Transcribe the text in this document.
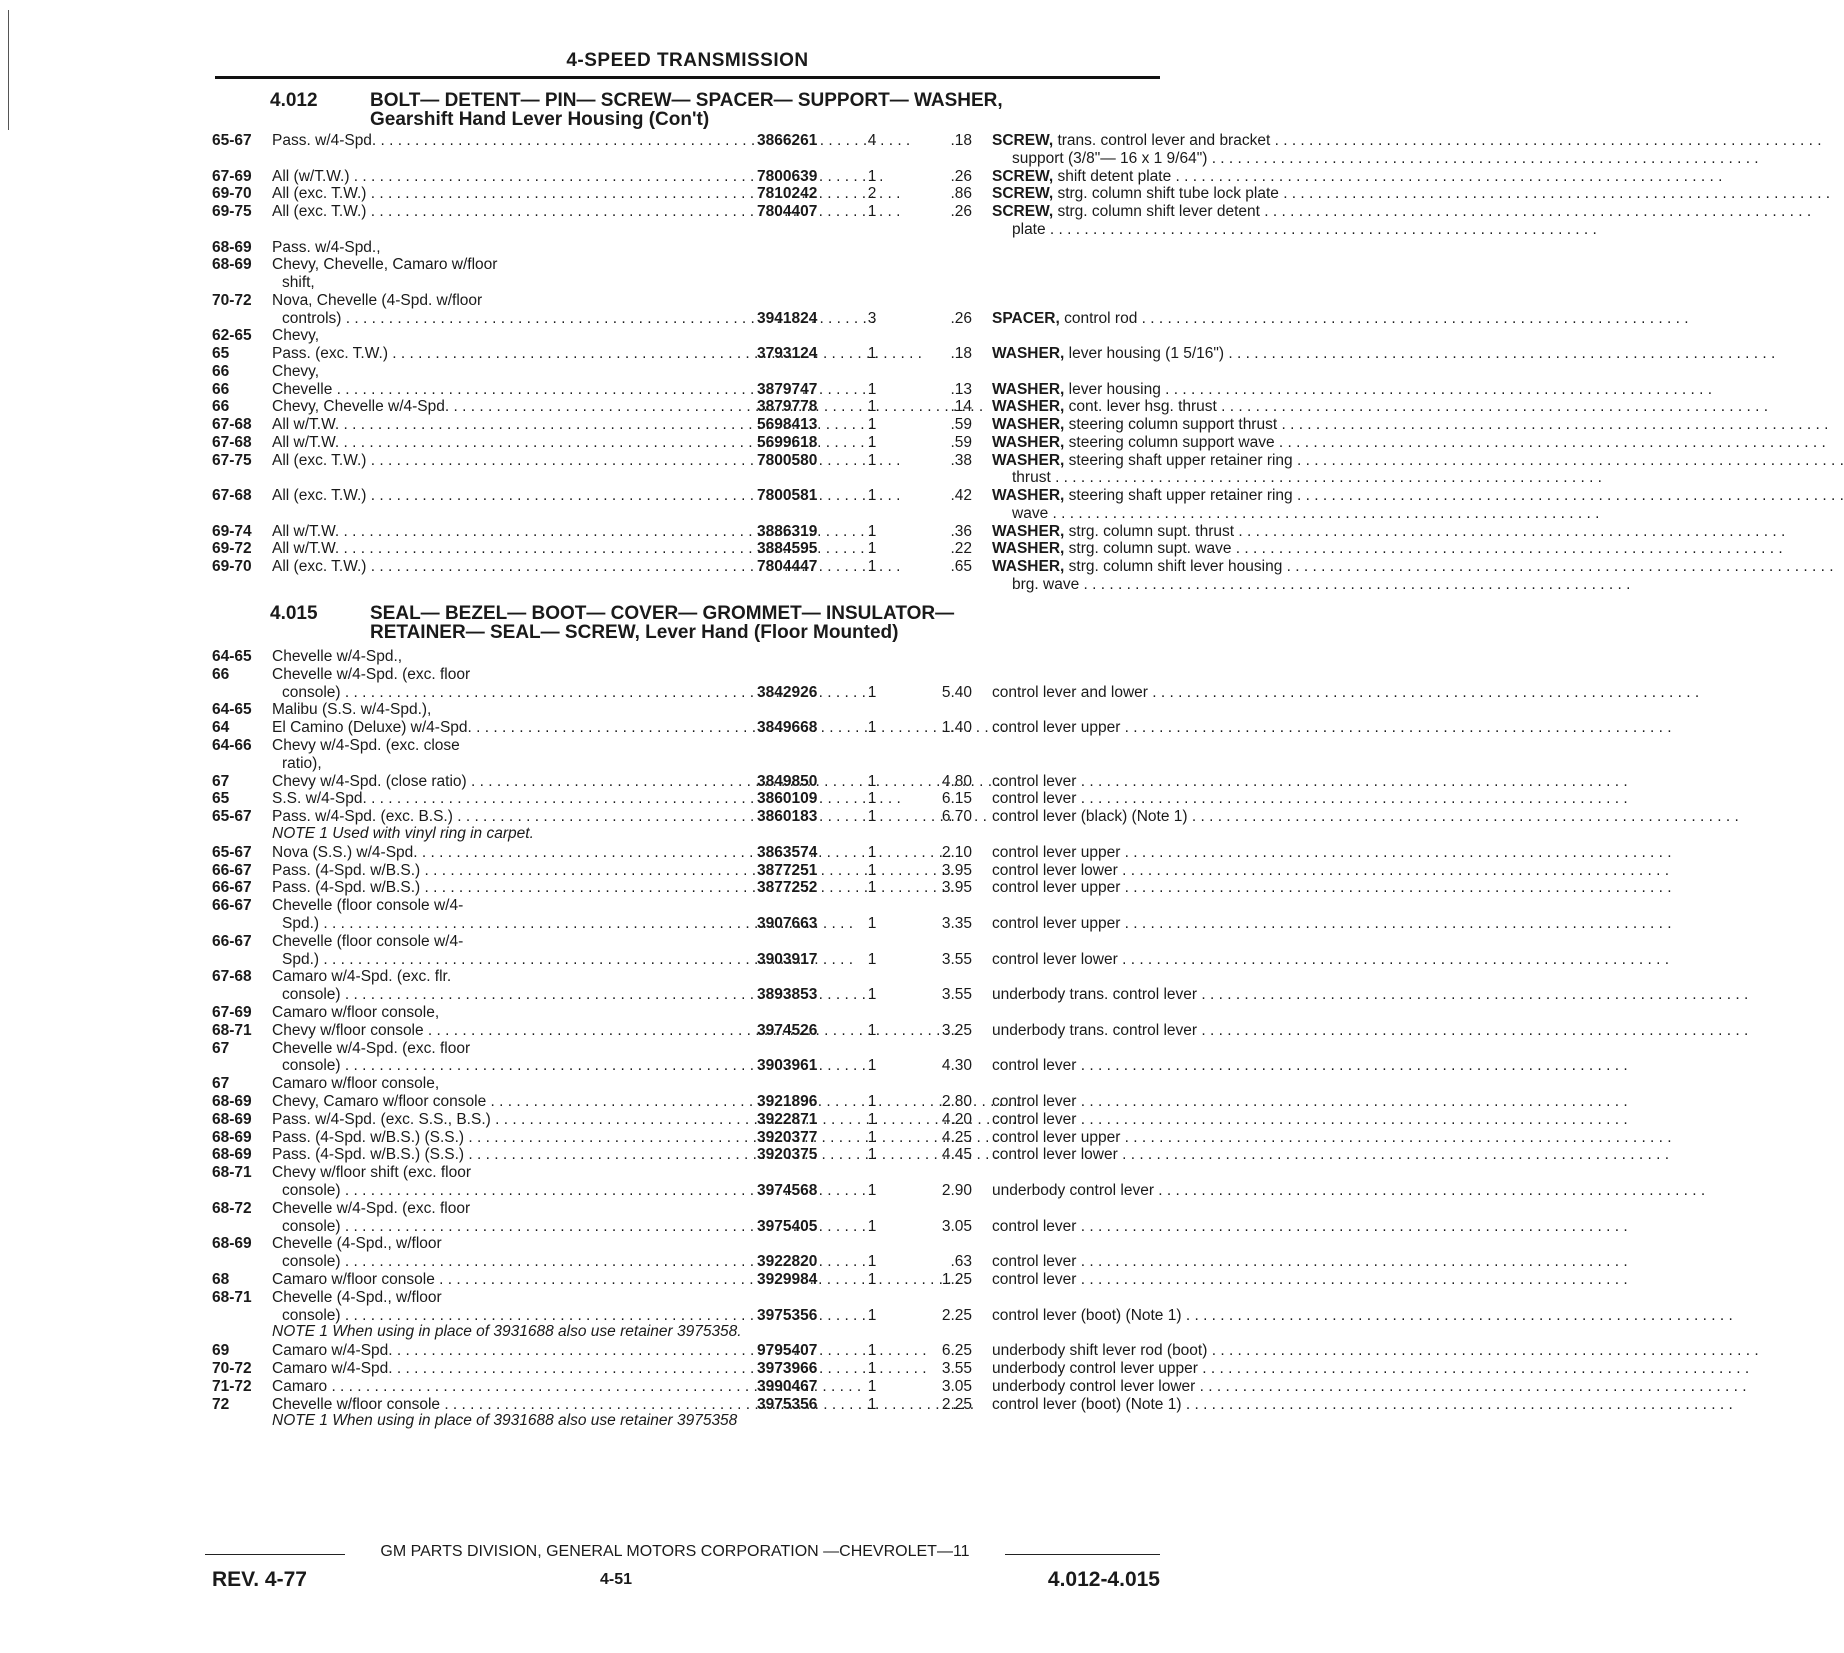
4-SPEED TRANSMISSION
4.012	BOLT— DETENT— PIN— SCREW— SPACER— SUPPORT— WASHER,
Gearshift Hand Lever Housing (Con't)
65-67	Pass. w/4-Spd. . . .	3866261	4	.18 SCREW, trans. control lever and bracket . . .
support (3/8"— 16 x 1 9/64") . . .
67-69	All (w/T.W.) . . .	7800639	1	.26 SCREW, shift detent plate . . .
69-70	All (exc. T.W.) . . .	7810242	2	.86 SCREW, strg. column shift tube lock plate . . .
69-75	All (exc. T.W.) . . .	7804407	1	.26 SCREW, strg. column shift lever detent . . .
plate . . .
68-69	Pass. w/4-Spd.,
68-69	Chevy, Chevelle, Camaro w/floor
shift,
70-72	Nova, Chevelle (4-Spd. w/floor
controls) . . .	3941824	3	.26 SPACER, control rod . . .
62-65	Chevy,
65	Pass. (exc. T.W.) . . .	3793124	1	.18 WASHER, lever housing (1 5/16") . . .
66	Chevy,
66	Chevelle . . .	3879747	1	.13 WASHER, lever housing . . .
66	Chevy, Chevelle w/4-Spd. . . .	3879778	1	.14 WASHER, cont. lever hsg. thrust . . .
67-68	All w/T.W. . . .	5698413	1	.59 WASHER, steering column support thrust . . .
67-68	All w/T.W. . . .	5699618	1	.59 WASHER, steering column support wave . . .
67-75	All (exc. T.W.) . . .	7800580	1	.38 WASHER, steering shaft upper retainer ring . . .
thrust . . .
67-68	All (exc. T.W.) . . .	7800581	1	.42 WASHER, steering shaft upper retainer ring . . .
wave . . .
69-74	All w/T.W. . . .	3886319	1	.36 WASHER, strg. column supt. thrust . . .
69-72	All w/T.W. . . .	3884595	1	.22 WASHER, strg. column supt. wave . . .
69-70	All (exc. T.W.) . . .	7804447	1	.65 WASHER, strg. column shift lever housing . . .
brg. wave . . .
4.015	SEAL— BEZEL— BOOT— COVER— GROMMET— INSULATOR—
RETAINER— SEAL— SCREW, Lever Hand (Floor Mounted)
64-65	Chevelle w/4-Spd.,
66	Chevelle w/4-Spd. (exc. floor
console) . . .	3842926	1	5.40 control lever and lower . . .
64-65	Malibu (S.S. w/4-Spd.),
64	El Camino (Deluxe) w/4-Spd. . . .	3849668	1	1.40 control lever upper . . .
64-66	Chevy w/4-Spd. (exc. close
ratio),
67	Chevy w/4-Spd. (close ratio) . . .	3849850	1	4.80 control lever . . .
65	S.S. w/4-Spd. . . .	3860109	1	6.15 control lever . . .
65-67	Pass. w/4-Spd. (exc. B.S.) . . .	3860183	1	6.70 control lever (black) (Note 1) . . .
NOTE 1 Used with vinyl ring in carpet.
65-67	Nova (S.S.) w/4-Spd. . . .	3863574	1	2.10 control lever upper . . .
66-67	Pass. (4-Spd. w/B.S.) . . .	3877251	1	3.95 control lever lower . . .
66-67	Pass. (4-Spd. w/B.S.) . . .	3877252	1	3.95 control lever upper . . .
66-67	Chevelle (floor console w/4-
Spd.) . . .	3907663	1	3.35 control lever upper . . .
66-67	Chevelle (floor console w/4-
Spd.) . . .	3903917	1	3.55 control lever lower . . .
67-68	Camaro w/4-Spd. (exc. flr.
console) . . .	3893853	1	3.55 underbody trans. control lever . . .
67-69	Camaro w/floor console,
68-71	Chevy w/floor console . . .	3974526	1	3.25 underbody trans. control lever . . .
67	Chevelle w/4-Spd. (exc. floor
console) . . .	3903961	1	4.30 control lever . . .
67	Camaro w/floor console,
68-69	Chevy, Camaro w/floor console . . .	3921896	1	2.80 control lever . . .
68-69	Pass. w/4-Spd. (exc. S.S., B.S.) . . .	3922871	1	4.20 control lever . . .
68-69	Pass. (4-Spd. w/B.S.) (S.S.) . . .	3920377	1	4.25 control lever upper . . .
68-69	Pass. (4-Spd. w/B.S.) (S.S.) . . .	3920375	1	4.45 control lever lower . . .
68-71	Chevy w/floor shift (exc. floor
console) . . .	3974568	1	2.90 underbody control lever . . .
68-72	Chevelle w/4-Spd. (exc. floor
console) . . .	3975405	1	3.05 control lever . . .
68-69	Chevelle (4-Spd., w/floor
console) . . .	3922820	1	.63 control lever . . .
68	Camaro w/floor console . . .	3929984	1	1.25 control lever . . .
68-71	Chevelle (4-Spd., w/floor
console) . . .	3975356	1	2.25 control lever (boot) (Note 1) . . .
NOTE 1 When using in place of 3931688 also use retainer 3975358.
69	Camaro w/4-Spd. . . .	9795407	1	6.25 underbody shift lever rod (boot) . . .
70-72	Camaro w/4-Spd. . . .	3973966	1	3.55 underbody control lever upper . . .
71-72	Camaro . . .	3990467	1	3.05 underbody control lever lower . . .
72	Chevelle w/floor console . . .	3975356	1	2.25 control lever (boot) (Note 1) . . .
NOTE 1 When using in place of 3931688 also use retainer 3975358
GM PARTS DIVISION, GENERAL MOTORS CORPORATION —CHEVROLET—11
REV. 4-77	4-51	4.012-4.015
